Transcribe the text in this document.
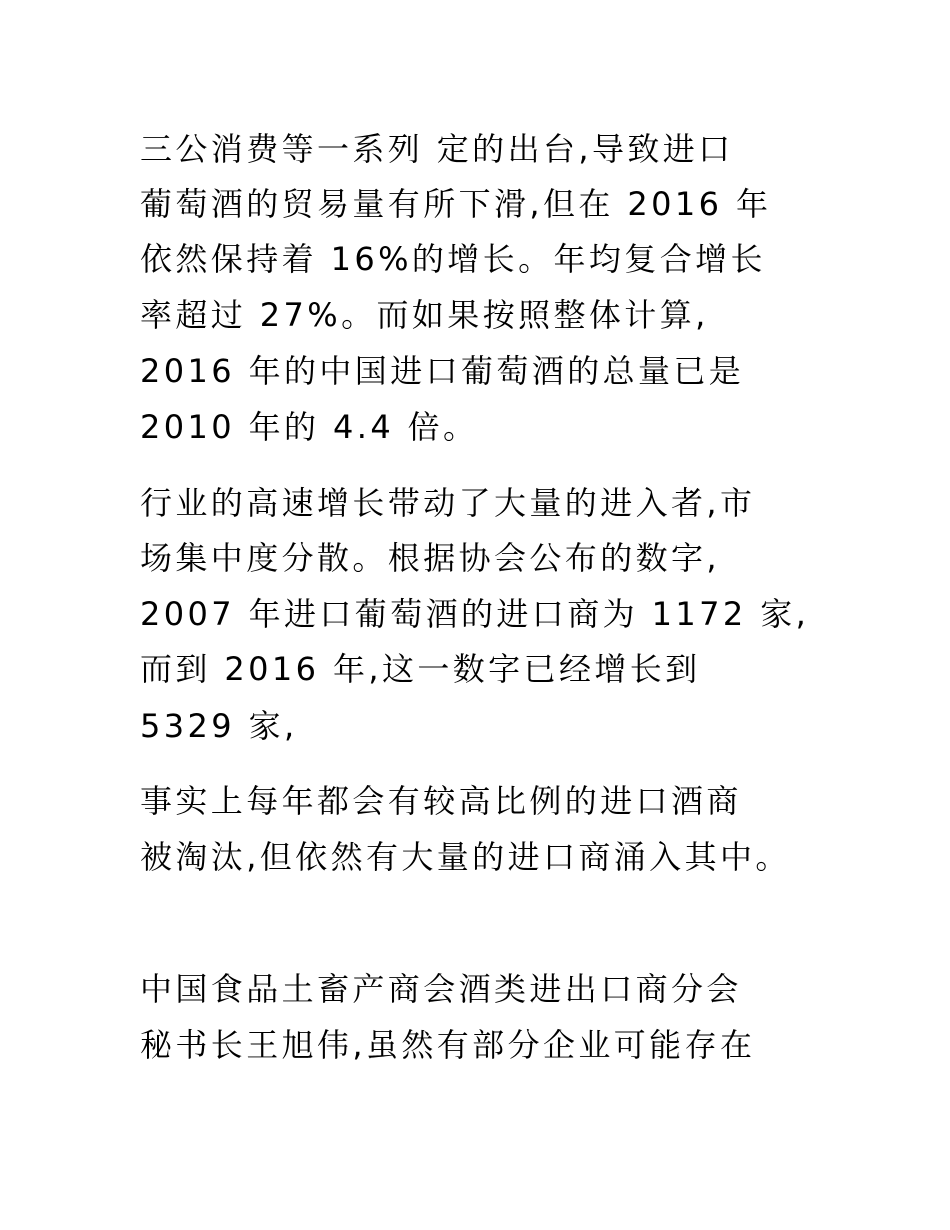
三公消费等一系列 定的出台,导致进口
葡萄酒的贸易量有所下滑,但在 2016 年
依然保持着 16%的增长。年均复合增长
率超过 27%。而如果按照整体计算,
2016 年的中国进口葡萄酒的总量已是
2010 年的 4.4 倍。
行业的高速增长带动了大量的进入者,市
场集中度分散。根据协会公布的数字,
2007 年进口葡萄酒的进口商为 1172 家,
而到 2016 年,这一数字已经增长到
5329 家,
事实上每年都会有较高比例的进口酒商
被淘汰,但依然有大量的进口商涌入其中。
中国食品土畜产商会酒类进出口商分会
秘书长王旭伟,虽然有部分企业可能存在
